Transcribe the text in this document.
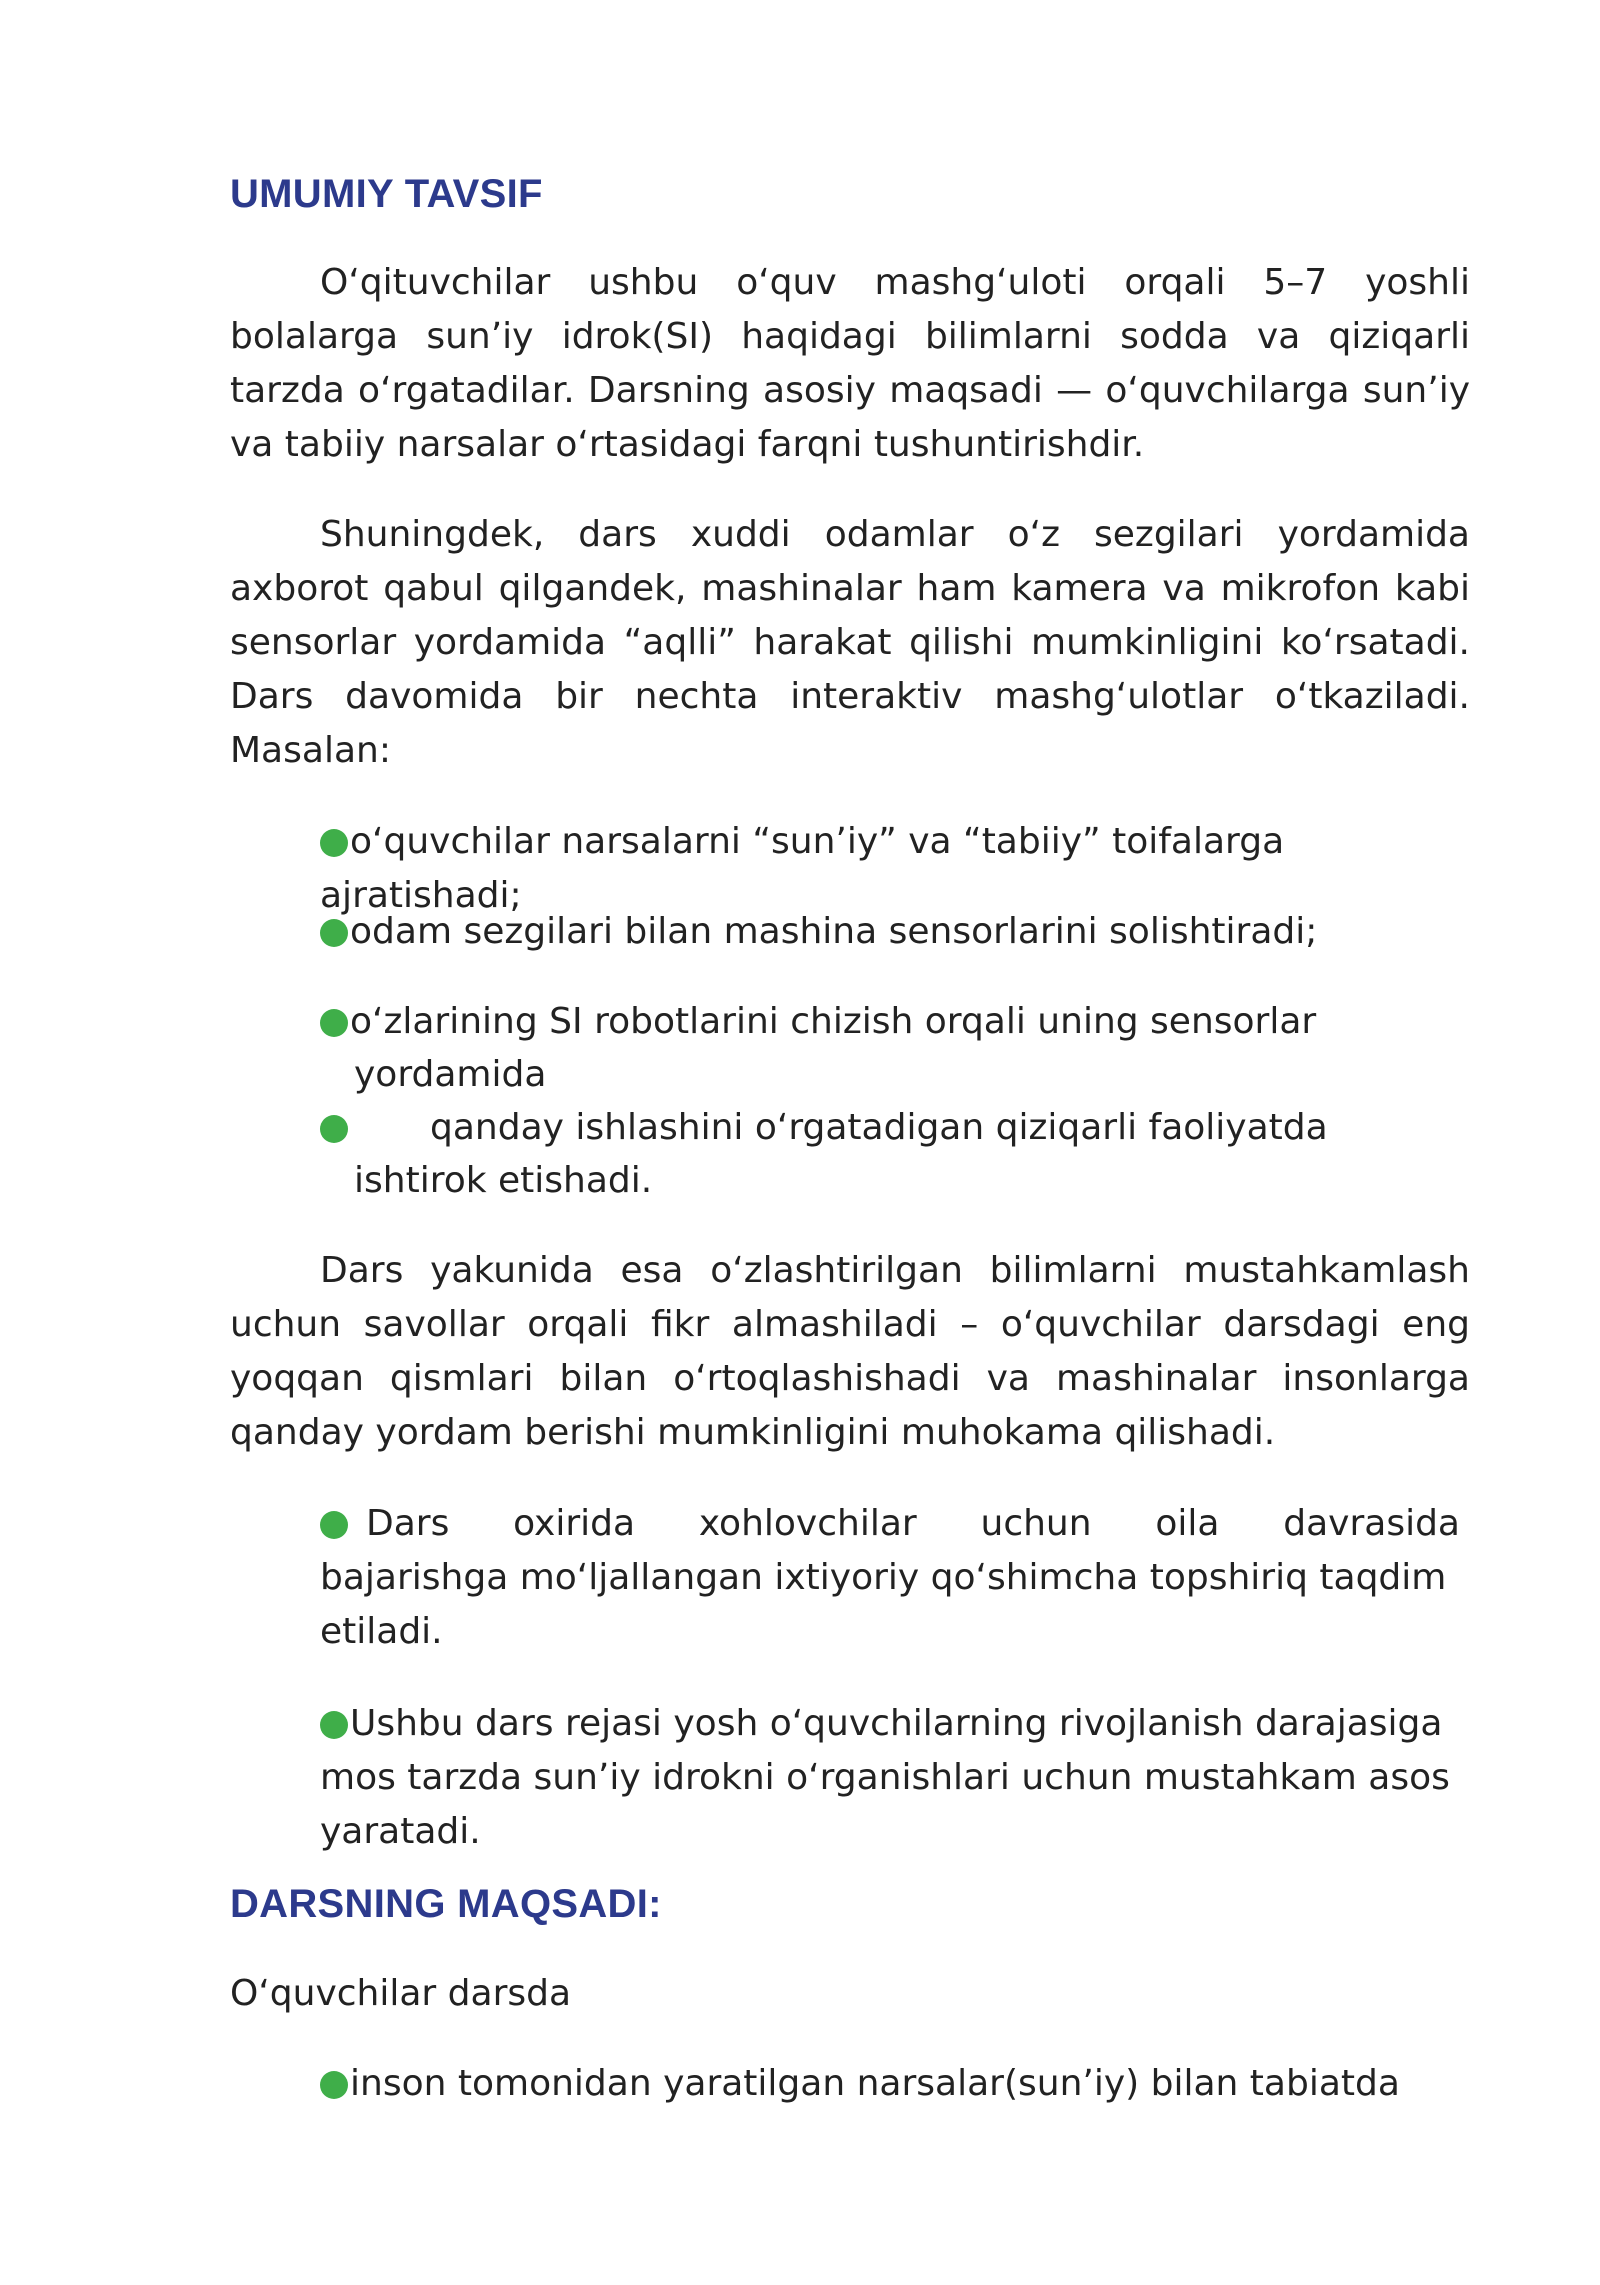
UMUMIY TAVSIF

O‘qituvchilar ushbu o‘quv mashg‘uloti orqali 5–7 yoshli bolalarga sun’iy idrok(SI) haqidagi bilimlarni sodda va qiziqarli tarzda o‘rgatadilar. Darsning asosiy maqsadi — o‘quvchilarga sun’iy va tabiiy narsalar o‘rtasidagi farqni tushuntirishdir.

Shuningdek, dars xuddi odamlar o‘z sezgilari yordamida axborot qabul qilgandek, mashinalar ham kamera va mikrofon kabi sensorlar yordamida “aqlli” harakat qilishi mumkinligini ko‘rsatadi. Dars davomida bir nechta interaktiv mashg‘ulotlar o‘tkaziladi. Masalan:

o‘quvchilar narsalarni “sun’iy” va “tabiiy” toifalarga ajratishadi;

odam sezgilari bilan mashina sensorlarini solishtiradi;

o‘zlarining SI robotlarini chizish orqali uning sensorlar

yordamida

qanday ishlashini o‘rgatadigan qiziqarli faoliyatda

ishtirok etishadi.

Dars yakunida esa o‘zlashtirilgan bilimlarni mustahkamlash uchun savollar orqali fikr almashiladi – o‘quvchilar darsdagi eng yoqqan qismlari bilan o‘rtoqlashishadi va mashinalar insonlarga qanday yordam berishi mumkinligini muhokama qilishadi.

Dars oxirida xohlovchilar uchun oila davrasida
bajarishga mo‘ljallangan ixtiyoriy qo‘shimcha topshiriq taqdim etiladi.

Ushbu dars rejasi yosh o‘quvchilarning rivojlanish darajasiga mos tarzda sun’iy idrokni o‘rganishlari uchun mustahkam asos yaratadi.

DARSNING MAQSADI:

O‘quvchilar darsda

inson tomonidan yaratilgan narsalar(sun’iy) bilan tabiatda
